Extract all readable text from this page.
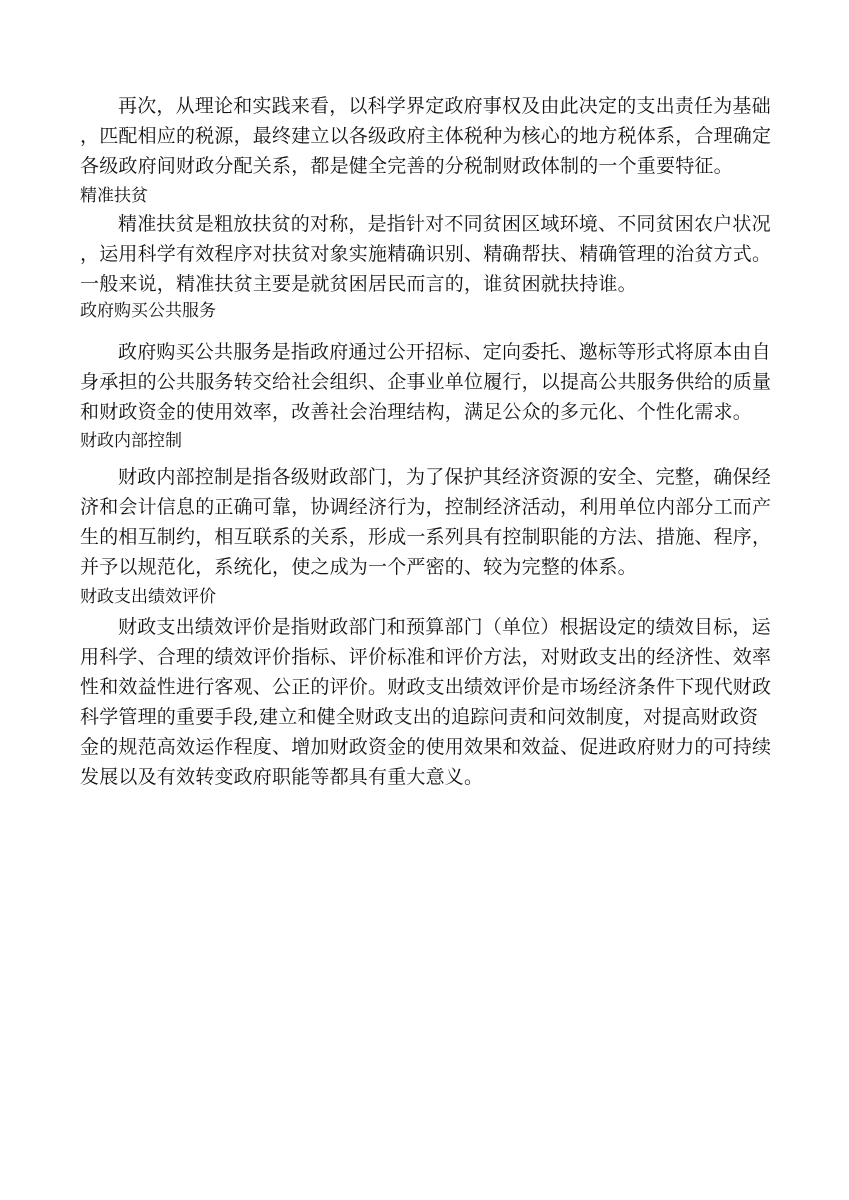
再次，从理论和实践来看，以科学界定政府事权及由此决定的支出责任为基础
，匹配相应的税源，最终建立以各级政府主体税种为核心的地方税体系，合理确定
各级政府间财政分配关系，都是健全完善的分税制财政体制的一个重要特征。
精准扶贫
精准扶贫是粗放扶贫的对称，是指针对不同贫困区域环境、不同贫困农户状况
，运用科学有效程序对扶贫对象实施精确识别、精确帮扶、精确管理的治贫方式。
一般来说，精准扶贫主要是就贫困居民而言的，谁贫困就扶持谁。
政府购买公共服务
政府购买公共服务是指政府通过公开招标、定向委托、邀标等形式将原本由自
身承担的公共服务转交给社会组织、企事业单位履行，以提高公共服务供给的质量
和财政资金的使用效率，改善社会治理结构，满足公众的多元化、个性化需求。
财政内部控制
财政内部控制是指各级财政部门，为了保护其经济资源的安全、完整，确保经
济和会计信息的正确可靠，协调经济行为，控制经济活动，利用单位内部分工而产
生的相互制约，相互联系的关系，形成一系列具有控制职能的方法、措施、程序，
并予以规范化，系统化，使之成为一个严密的、较为完整的体系。
财政支出绩效评价
财政支出绩效评价是指财政部门和预算部门（单位）根据设定的绩效目标，运
用科学、合理的绩效评价指标、评价标准和评价方法，对财政支出的经济性、效率
性和效益性进行客观、公正的评价。财政支出绩效评价是市场经济条件下现代财政
科学管理的重要手段,建立和健全财政支出的追踪问责和问效制度，对提高财政资
金的规范高效运作程度、增加财政资金的使用效果和效益、促进政府财力的可持续
发展以及有效转变政府职能等都具有重大意义。
